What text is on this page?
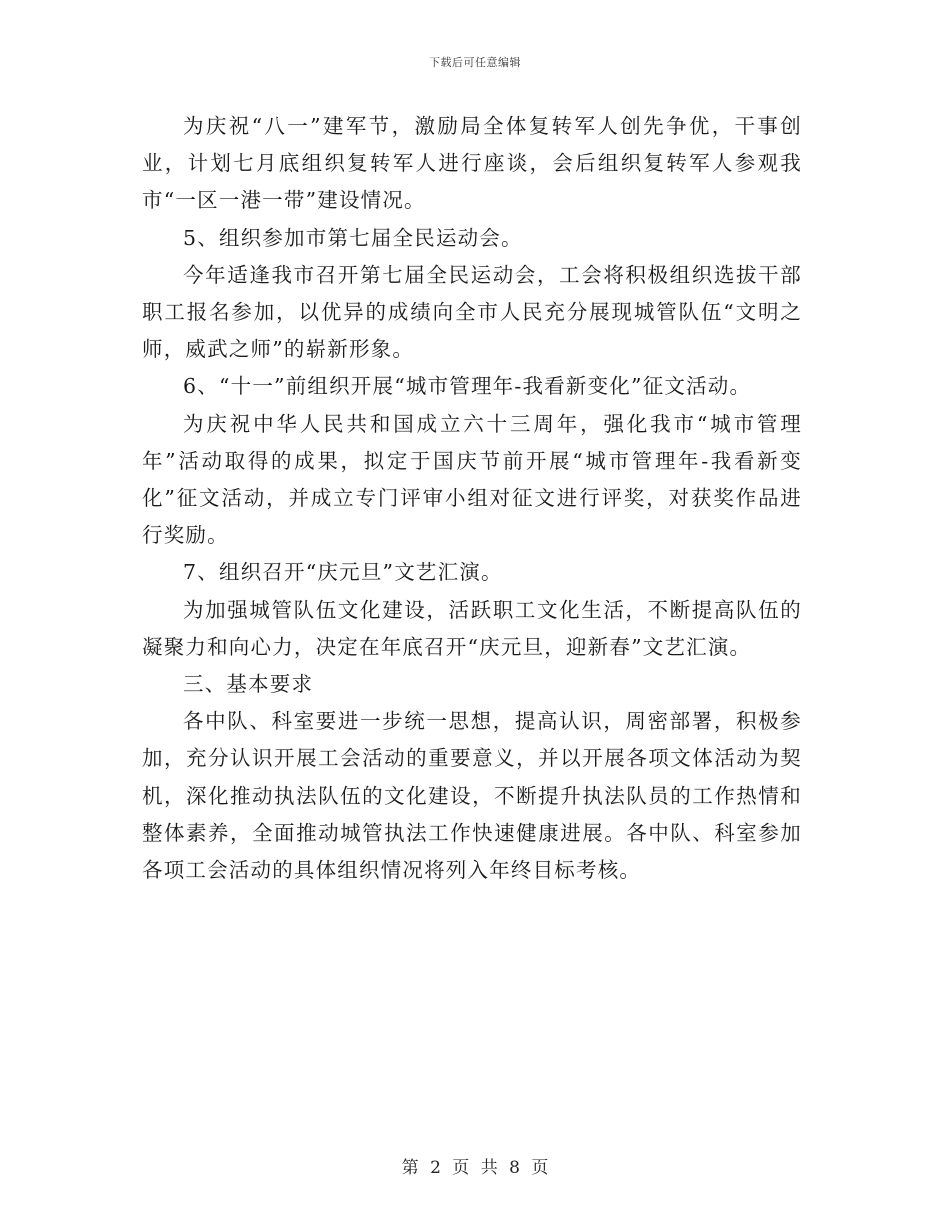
下载后可任意编辑

为庆祝“八一”建军节，激励局全体复转军人创先争优，干事创业，计划七月底组织复转军人进行座谈，会后组织复转军人参观我市“一区一港一带”建设情况。

5、组织参加市第七届全民运动会。

今年适逢我市召开第七届全民运动会，工会将积极组织选拔干部职工报名参加，以优异的成绩向全市人民充分展现城管队伍“文明之师，威武之师”的崭新形象。

6、“十一”前组织开展“城市管理年-我看新变化”征文活动。

为庆祝中华人民共和国成立六十三周年，强化我市“城市管理年”活动取得的成果，拟定于国庆节前开展“城市管理年-我看新变化”征文活动，并成立专门评审小组对征文进行评奖，对获奖作品进行奖励。

7、组织召开“庆元旦”文艺汇演。

为加强城管队伍文化建设，活跃职工文化生活，不断提高队伍的凝聚力和向心力，决定在年底召开“庆元旦，迎新春”文艺汇演。

三、基本要求

各中队、科室要进一步统一思想，提高认识，周密部署，积极参加，充分认识开展工会活动的重要意义，并以开展各项文体活动为契机，深化推动执法队伍的文化建设，不断提升执法队员的工作热情和整体素养，全面推动城管执法工作快速健康进展。各中队、科室参加各项工会活动的具体组织情况将列入年终目标考核。

第 2 页 共 8 页
